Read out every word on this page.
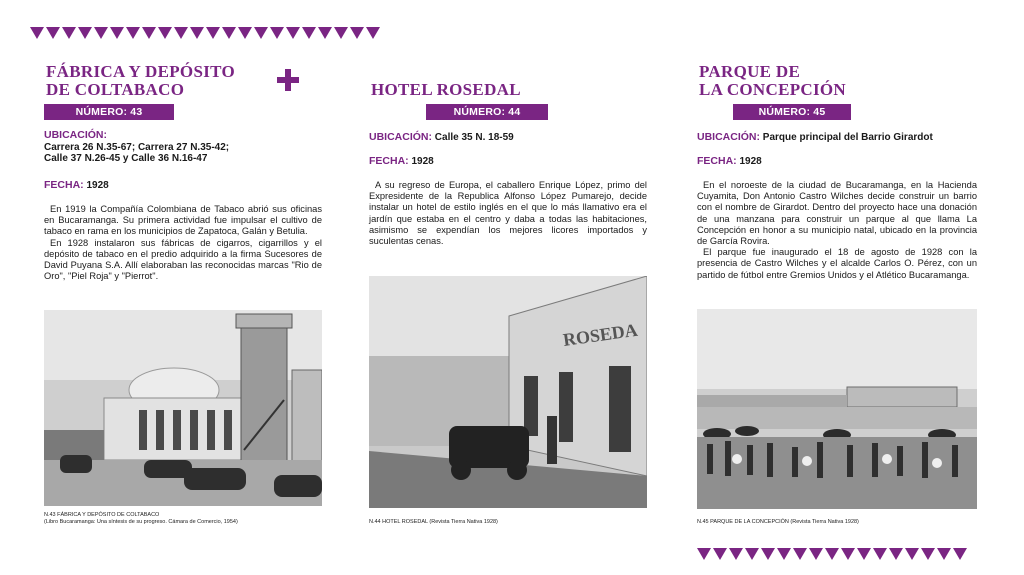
FÁBRICA Y DEPÓSITO
DE COLTABACO
NÚMERO: 43
UBICACIÓN:
Carrera 26 N.35-67; Carrera 27 N.35-42;
Calle 37 N.26-45 y Calle 36 N.16-47
FECHA: 1928

En 1919 la Compañía Colombiana de Tabaco abrió sus oficinas en Bucaramanga. Su primera actividad fue impulsar el cultivo de tabaco en rama en los municipios de Zapatoca, Galán y Betulia.

En 1928 instalaron sus fábricas de cigarros, cigarrillos y el depósito de tabaco en el predio adquirido a la firma Sucesores de David Puyana S.A. Allí elaboraban las reconocidas marcas "Rio de Oro", "Piel Roja" y "Pierrot".

N.43 FÁBRICA Y DEPÓSITO DE COLTABACO
(Libro Bucaramanga: Una síntesis de su progreso. Cámara de Comercio, 1954)
HOTEL ROSEDAL
NÚMERO: 44
UBICACIÓN: Calle 35 N. 18-59
FECHA: 1928

A su regreso de Europa, el caballero Enrique López, primo del Expresidente de la Republica Alfonso López Pumarejo, decide instalar un hotel de estilo inglés en el que lo más llamativo era el jardín que estaba en el centro y daba a todas las habitaciones, asimismo se expendían los mejores licores importados y suculentas cenas.

ROSEDA
N.44 HOTEL ROSEDAL (Revista Tierra Nativa 1928)
PARQUE DE
LA CONCEPCIÓN
NÚMERO: 45
UBICACIÓN: Parque principal del Barrio Girardot
FECHA: 1928

En el noroeste de la ciudad de Bucaramanga, en la Hacienda Cuyamita, Don Antonio Castro Wilches decide construir un barrio con el nombre de Girardot. Dentro del proyecto hace una donación de una manzana para construir un parque al que llama La Concepción en honor a su municipio natal, ubicado en la provincia de García Rovira.

El parque fue inaugurado el 18 de agosto de 1928 con la presencia de Castro Wilches y el alcalde Carlos O. Pérez, con un partido de fútbol entre Gremios Unidos y el Atlético Bucaramanga.

N.45 PARQUE DE LA CONCEPCIÓN (Revista Tierra Nativa 1928)
